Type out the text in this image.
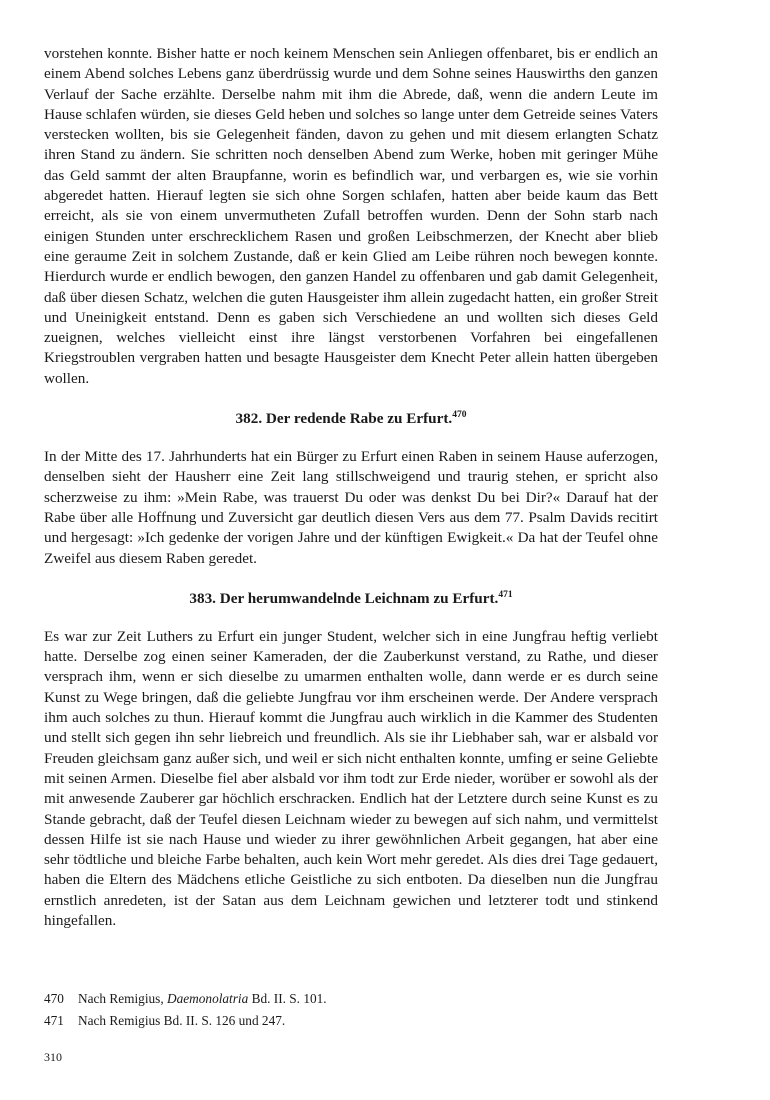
vorstehen konnte. Bisher hatte er noch keinem Menschen sein Anliegen offenbaret, bis er endlich an einem Abend solches Lebens ganz überdrüssig wurde und dem Sohne seines Hauswirths den ganzen Verlauf der Sache erzählte. Derselbe nahm mit ihm die Abrede, daß, wenn die andern Leute im Hause schlafen würden, sie dieses Geld heben und solches so lange unter dem Getreide seines Vaters verstecken wollten, bis sie Gelegenheit fänden, davon zu gehen und mit diesem erlangten Schatz ihren Stand zu ändern. Sie schritten noch denselben Abend zum Werke, hoben mit geringer Mühe das Geld sammt der alten Braupfanne, worin es befindlich war, und verbargen es, wie sie vorhin abgeredet hatten. Hierauf legten sie sich ohne Sorgen schlafen, hatten aber beide kaum das Bett erreicht, als sie von einem unvermutheten Zufall betroffen wurden. Denn der Sohn starb nach einigen Stunden unter erschrecklichem Rasen und großen Leibschmerzen, der Knecht aber blieb eine geraume Zeit in solchem Zustande, daß er kein Glied am Leibe rühren noch bewegen konnte. Hierdurch wurde er endlich bewogen, den ganzen Handel zu offenbaren und gab damit Gelegenheit, daß über diesen Schatz, welchen die guten Hausgeister ihm allein zugedacht hatten, ein großer Streit und Uneinigkeit entstand. Denn es gaben sich Verschiedene an und wollten sich dieses Geld zueignen, welches vielleicht einst ihre längst verstorbenen Vorfahren bei eingefallenen Kriegstroublen vergraben hatten und besagte Hausgeister dem Knecht Peter allein hatten übergeben wollen.

382. Der redende Rabe zu Erfurt.$^{470}$

In der Mitte des 17. Jahrhunderts hat ein Bürger zu Erfurt einen Raben in seinem Hause auferzogen, denselben sieht der Hausherr eine Zeit lang stillschweigend und traurig stehen, er spricht also scherzweise zu ihm: »Mein Rabe, was trauerst Du oder was denkst Du bei Dir?« Darauf hat der Rabe über alle Hoffnung und Zuversicht gar deutlich diesen Vers aus dem 77. Psalm Davids recitirt und hergesagt: »Ich gedenke der vorigen Jahre und der künftigen Ewigkeit.« Da hat der Teufel ohne Zweifel aus diesem Raben geredet.

383. Der herumwandelnde Leichnam zu Erfurt.$^{471}$

Es war zur Zeit Luthers zu Erfurt ein junger Student, welcher sich in eine Jungfrau heftig verliebt hatte. Derselbe zog einen seiner Kameraden, der die Zauberkunst verstand, zu Rathe, und dieser versprach ihm, wenn er sich dieselbe zu umarmen enthalten wolle, dann werde er es durch seine Kunst zu Wege bringen, daß die geliebte Jungfrau vor ihm erscheinen werde. Der Andere versprach ihm auch solches zu thun. Hierauf kommt die Jungfrau auch wirklich in die Kammer des Studenten und stellt sich gegen ihn sehr liebreich und freundlich. Als sie ihr Liebhaber sah, war er alsbald vor Freuden gleichsam ganz außer sich, und weil er sich nicht enthalten konnte, umfing er seine Geliebte mit seinen Armen. Dieselbe fiel aber alsbald vor ihm todt zur Erde nieder, worüber er sowohl als der mit anwesende Zauberer gar höchlich erschracken. Endlich hat der Letztere durch seine Kunst es zu Stande gebracht, daß der Teufel diesen Leichnam wieder zu bewegen auf sich nahm, und vermittelst dessen Hilfe ist sie nach Hause und wieder zu ihrer gewöhnlichen Arbeit gegangen, hat aber eine sehr tödtliche und bleiche Farbe behalten, auch kein Wort mehr geredet. Als dies drei Tage gedauert, haben die Eltern des Mädchens etliche Geistliche zu sich entboten. Da dieselben nun die Jungfrau ernstlich anredeten, ist der Satan aus dem Leichnam gewichen und letzterer todt und stinkend hingefallen.

470 Nach Remigius, Daemonolatria Bd. II. S. 101.

471 Nach Remigius Bd. II. S. 126 und 247.

310
